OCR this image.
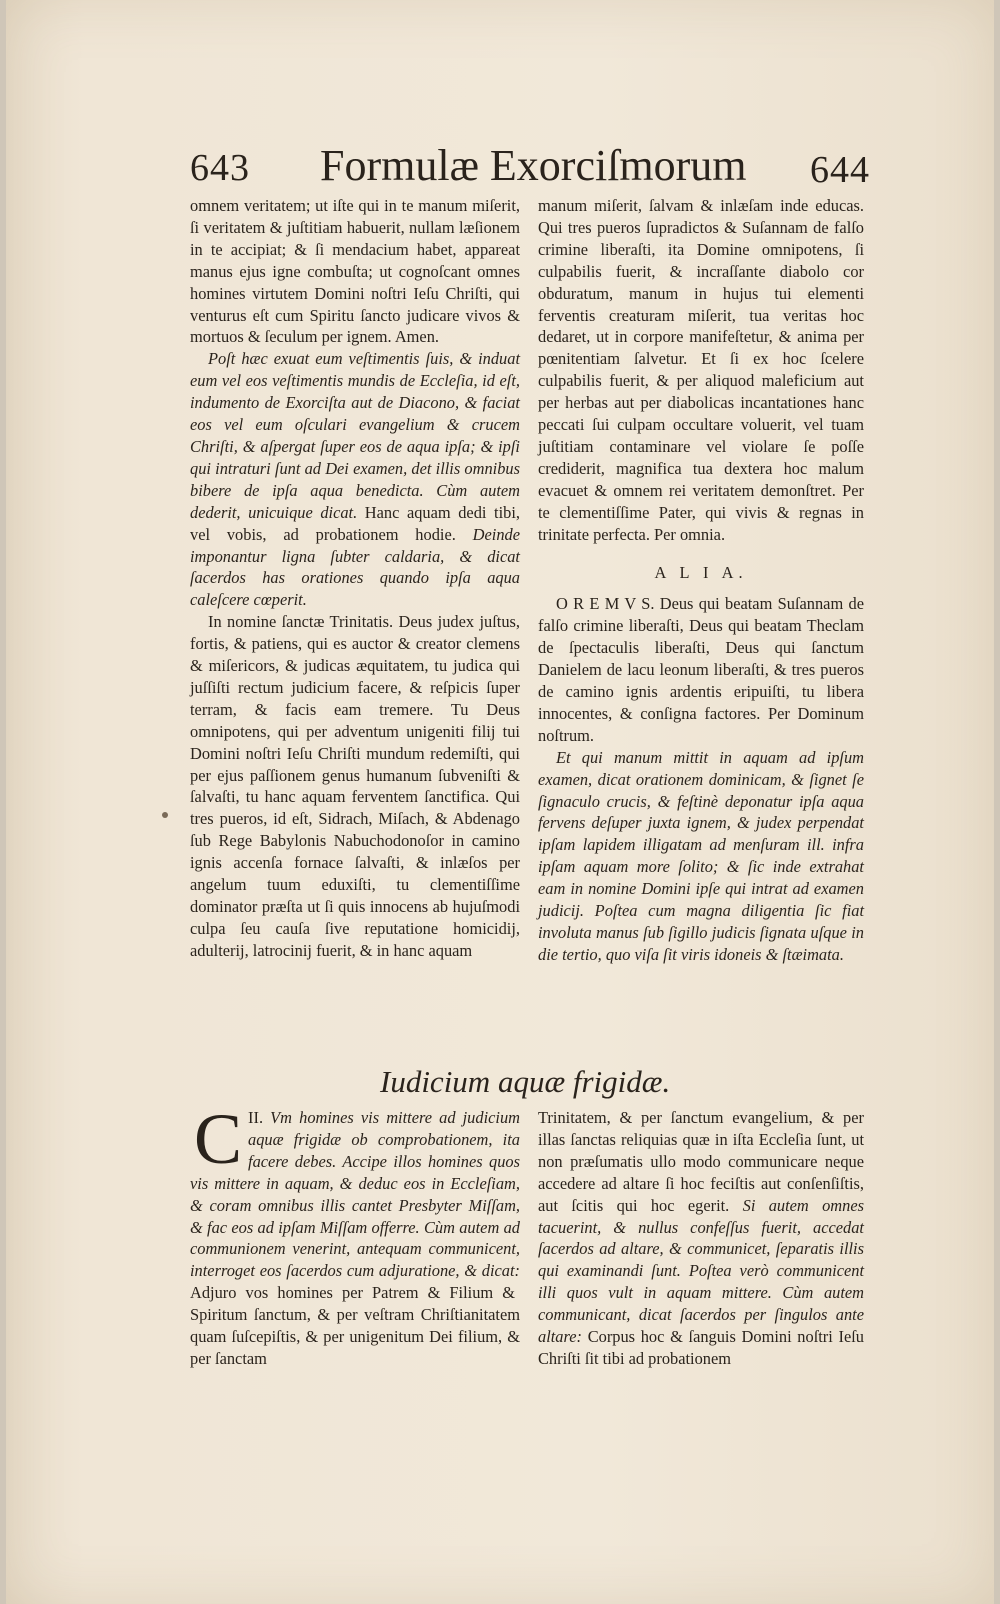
643 Formulæ Exorciſmorum 644

omnem veritatem; ut iſte qui in te manum miſerit, ſi veritatem & juſtitiam habuerit, nullam læſionem in te accipiat; & ſi mendacium habet, appareat manus ejus igne combuſta; ut cognoſcant omnes homines virtutem Domini noſtri Ieſu Chriſti, qui venturus eſt cum Spiritu ſancto judicare vivos & mortuos & ſeculum per ignem. Amen.

Poſt hæc exuat eum veſtimentis ſuis, & induat eum vel eos veſtimentis mundis de Eccleſia, id eſt, indumento de Exorciſta aut de Diacono, & faciat eos vel eum oſculari evangelium & crucem Chriſti, & aſpergat ſuper eos de aqua ipſa; & ipſi qui intraturi ſunt ad Dei examen, det illis omnibus bibere de ipſa aqua benedicta. Cùm autem dederit, unicuique dicat. Hanc aquam dedi tibi, vel vobis, ad probationem hodie. Deinde imponantur ligna ſubter caldaria, & dicat ſacerdos has orationes quando ipſa aqua caleſcere cœperit.

In nomine ſanctæ Trinitatis. Deus judex juſtus, fortis, & patiens, qui es auctor & creator clemens & miſericors, & judicas æquitatem, tu judica qui juſſiſti rectum judicium facere, & reſpicis ſuper terram, & facis eam tremere. Tu Deus omnipotens, qui per adventum unigeniti filij tui Domini noſtri Ieſu Chriſti mundum redemiſti, qui per ejus paſſionem genus humanum ſubveniſti & ſalvaſti, tu hanc aquam ferventem ſanctifica. Qui tres pueros, id eſt, Sidrach, Miſach, & Abdenago ſub Rege Babylonis Nabuchodonoſor in camino ignis accenſa fornace ſalvaſti, & inlæſos per angelum tuum eduxiſti, tu clementiſſime dominator præſta ut ſi quis innocens ab hujuſmodi culpa ſeu cauſa ſive reputatione homicidij, adulterij, latrocinij fuerit, & in hanc aquam

manum miſerit, ſalvam & inlæſam inde educas. Qui tres pueros ſupradictos & Suſannam de falſo crimine liberaſti, ita Domine omnipotens, ſi culpabilis fuerit, & incraſſante diabolo cor obduratum, manum in hujus tui elementi ferventis creaturam miſerit, tua veritas hoc dedaret, ut in corpore manifeſtetur, & anima per pœnitentiam ſalvetur. Et ſi ex hoc ſcelere culpabilis fuerit, & per aliquod maleficium aut per herbas aut per diabolicas incantationes hanc peccati ſui culpam occultare voluerit, vel tuam juſtitiam contaminare vel violare ſe poſſe crediderit, magnifica tua dextera hoc malum evacuet & omnem rei veritatem demonſtret. Per te clementiſſime Pater, qui vivis & regnas in trinitate perfecta. Per omnia.

A L I A.

O R E M V S. Deus qui beatam Suſannam de falſo crimine liberaſti, Deus qui beatam Theclam de ſpectaculis liberaſti, Deus qui ſanctum Danielem de lacu leonum liberaſti, & tres pueros de camino ignis ardentis eripuiſti, tu libera innocentes, & conſigna factores. Per Dominum noſtrum.

Et qui manum mittit in aquam ad ipſum examen, dicat orationem dominicam, & ſignet ſe ſignaculo crucis, & feſtinè deponatur ipſa aqua fervens deſuper juxta ignem, & judex perpendat ipſam lapidem illigatam ad menſuram ill. infra ipſam aquam more ſolito; & ſic inde extrahat eam in nomine Domini ipſe qui intrat ad examen judicij. Poſtea cum magna diligentia ſic fiat involuta manus ſub ſigillo judicis ſignata uſque in die tertio, quo viſa ſit viris idoneis & ſtæimata.

Iudicium aquæ frigidæ.

II.
C Vm homines vis mittere ad judicium aquæ frigidæ ob comprobationem, ita facere debes. Accipe illos homines quos vis mittere in aquam, & deduc eos in Eccleſiam, & coram omnibus illis cantet Presbyter Miſſam, & fac eos ad ipſam Miſſam offerre. Cùm autem ad communionem venerint, antequam communicent, interroget eos ſacerdos cum adjuratione, & dicat: Adjuro vos homines per Patrem & Filium & Spiritum ſanctum, & per veſtram Chriſtianitatem quam ſuſcepiſtis, & per unigenitum Dei filium, & per ſanctam

Trinitatem, & per ſanctum evangelium, & per illas ſanctas reliquias quæ in iſta Eccleſia ſunt, ut non præſumatis ullo modo communicare neque accedere ad altare ſi hoc feciſtis aut conſenſiſtis, aut ſcitis qui hoc egerit. Si autem omnes tacuerint, & nullus confeſſus fuerit, accedat ſacerdos ad altare, & communicet, ſeparatis illis qui examinandi ſunt. Poſtea verò communicent illi quos vult in aquam mittere. Cùm autem communicant, dicat ſacerdos per ſingulos ante altare: Corpus hoc & ſanguis Domini noſtri Ieſu Chriſti ſit tibi ad probationem
